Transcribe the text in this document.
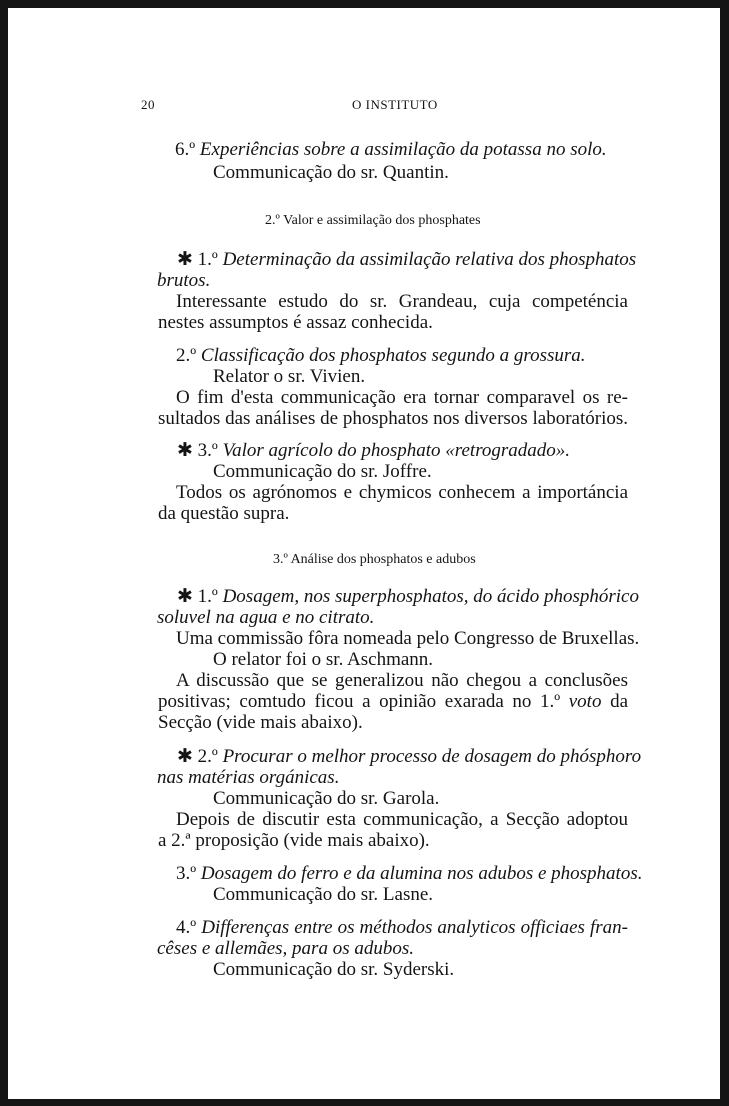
20	O INSTITUTO
6.º Experiências sobre a assimilação da potassa no solo.
Communicação do sr. Quantin.
2.º Valor e assimilação dos phosphates
✱ 1.º Determinação da assimilação relativa dos phosphatos
brutos.
Interessante estudo do sr. Grandeau, cuja competéncia
nestes assumptos é assaz conhecida.
2.º Classificação dos phosphatos segundo a grossura.
Relator o sr. Vivien.
O fim d'esta communicação era tornar comparavel os re-
sultados das análises de phosphatos nos diversos laboratórios.
✱ 3.º Valor agrícolo do phosphato «retrogradado».
Communicação do sr. Joffre.
Todos os agrónomos e chymicos conhecem a importáncia
da questão supra.
3.º Análise dos phosphatos e adubos
✱ 1.º Dosagem, nos superphosphatos, do ácido phosphórico
soluvel na agua e no citrato.
Uma commissão fôra nomeada pelo Congresso de Bruxellas.
O relator foi o sr. Aschmann.
A discussão que se generalizou não chegou a conclusões
positivas; comtudo ficou a opinião exarada no 1.º voto da
Secção (vide mais abaixo).
✱ 2.º Procurar o melhor processo de dosagem do phósphoro
nas matérias orgánicas.
Communicação do sr. Garola.
Depois de discutir esta communicação, a Secção adoptou
a 2.ª proposição (vide mais abaixo).
3.º Dosagem do ferro e da alumina nos adubos e phosphatos.
Communicação do sr. Lasne.
4.º Differenças entre os méthodos analyticos officiaes fran-
cêses e allemães, para os adubos.
Communicação do sr. Syderski.
